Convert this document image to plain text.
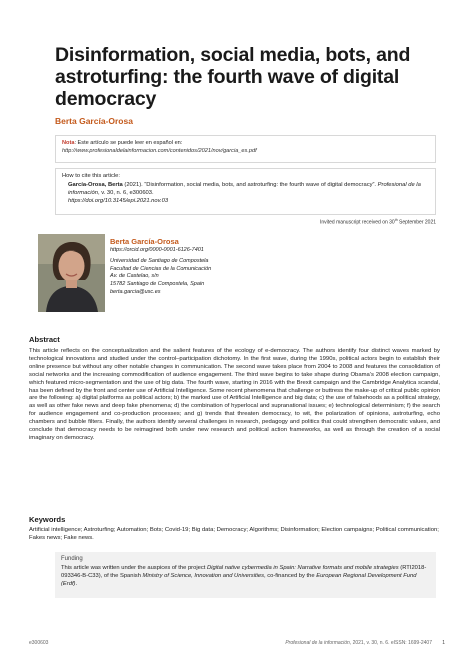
Disinformation, social media, bots, and astroturfing: the fourth wave of digital democracy
Berta García-Orosa
Nota: Este artículo se puede leer en español en:
http://www.profesionaldelainformacion.com/contenidos/2021/nov/garcia_es.pdf
How to cite this article:
García-Orosa, Berta (2021). “Disinformation, social media, bots, and astroturfing: the fourth wave of digital democracy”. Profesional de la información, v. 30, n. 6, e300603.
https://doi.org/10.3145/epi.2021.nov.03
Invited manuscript received on 30th September 2021
Berta García-Orosa
https://orcid.org/0000-0001-6126-7401
Universidad de Santiago de Compostela
Facultad de Ciencias de la Comunicación
Av. de Castelao, s/n
15782 Santiago de Compostela, Spain
berta.garcia@usc.es
Abstract
This article reflects on the conceptualization and the salient features of the ecology of e-democracy. The authors identify four distinct waves marked by technological innovations and studied under the control–participation dichotomy. In the first wave, during the 1990s, political actors begin to establish their online presence but without any other notable changes in communication. The second wave takes place from 2004 to 2008 and features the consolidation of social networks and the increasing commodification of audience engagement. The third wave begins to take shape during Obama’s 2008 election campaign, which featured micro-segmentation and the use of big data. The fourth wave, starting in 2016 with the Brexit campaign and the Cambridge Analytica scandal, has been defined by the front and center use of Artificial Intelligence. Some recent phenomena that challenge or buttress the make-up of critical public opinion are the following: a) digital platforms as political actors; b) the marked use of Artificial Intelligence and big data; c) the use of falsehoods as a political strategy, as well as other fake news and deep fake phenomena; d) the combination of hyperlocal and supranational issues; e) technological determinism; f) the search for audience engagement and co-production processes; and g) trends that threaten democracy, to wit, the polarization of opinions, astroturfing, echo chambers and bubble filters. Finally, the authors identify several challenges in research, pedagogy and politics that could strengthen democratic values, and conclude that democracy needs to be reimagined both under new research and political action frameworks, as well as through the creation of a social imaginary on democracy.
Keywords
Artificial intelligence; Astroturfing; Automation; Bots; Covid-19; Big data; Democracy; Algorithms; Disinformation; Election campaigns; Political communication; Fakes news; Fake news.
Funding
This article was written under the auspices of the project Digital native cybermedia in Spain: Narrative formats and mobile strategies (RTI2018-093346-B-C33), of the Spanish Ministry of Science, Innovation and Universities, co-financed by the European Regional Development Fund (Erdf).
e300603	Profesional de la información, 2021, v. 30, n. 6. eISSN: 1699-2407 1
